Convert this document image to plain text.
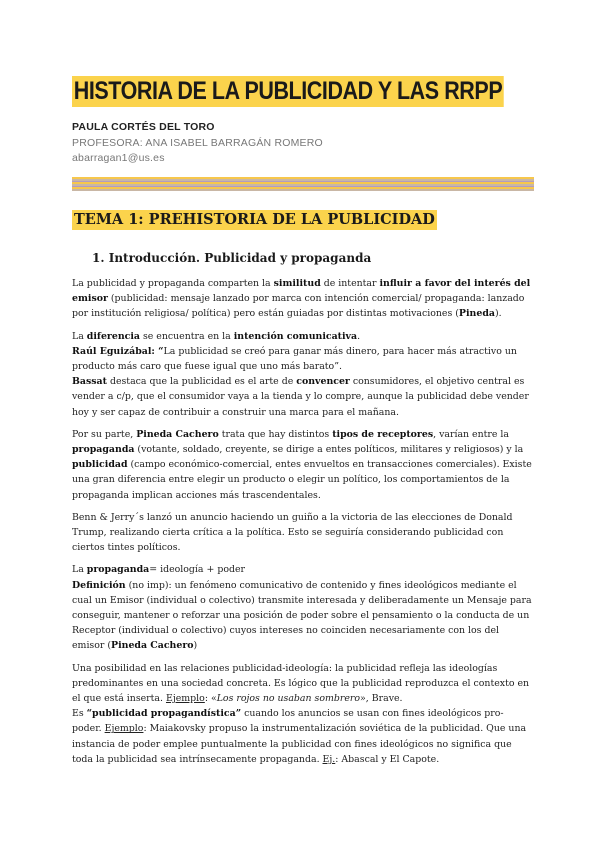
HISTORIA DE LA PUBLICIDAD Y LAS RRPP

PAULA CORTÉS DEL TORO

PROFESORA: ANA ISABEL BARRAGÁN ROMERO

abarragan1@us.es

TEMA 1: PREHISTORIA DE LA PUBLICIDAD
1. Introducción. Publicidad y propaganda

La publicidad y propaganda comparten la similitud de intentar influir a favor del interés del emisor (publicidad: mensaje lanzado por marca con intención comercial/ propaganda: lanzado por institución religiosa/ política) pero están guiadas por distintas motivaciones (Pineda).

La diferencia se encuentra en la intención comunicativa.
Raúl Eguizábal: “La publicidad se creó para ganar más dinero, para hacer más atractivo un producto más caro que fuese igual que uno más barato”.
Bassat destaca que la publicidad es el arte de convencer consumidores, el objetivo central es vender a c/p, que el consumidor vaya a la tienda y lo compre, aunque la publicidad debe vender hoy y ser capaz de contribuir a construir una marca para el mañana.

Por su parte, Pineda Cachero trata que hay distintos tipos de receptores, varían entre la propaganda (votante, soldado, creyente, se dirige a entes políticos, militares y religiosos) y la publicidad (campo económico-comercial, entes envueltos en transacciones comerciales). Existe una gran diferencia entre elegir un producto o elegir un político, los comportamientos de la propaganda implican acciones más trascendentales.

Benn & Jerry´s lanzó un anuncio haciendo un guiño a la victoria de las elecciones de Donald Trump, realizando cierta crítica a la política. Esto se seguiría considerando publicidad con ciertos tintes políticos.

La propaganda= ideología + poder
Definición (no imp): un fenómeno comunicativo de contenido y fines ideológicos mediante el cual un Emisor (individual o colectivo) transmite interesada y deliberadamente un Mensaje para conseguir, mantener o reforzar una posición de poder sobre el pensamiento o la conducta de un Receptor (individual o colectivo) cuyos intereses no coinciden necesariamente con los del emisor (Pineda Cachero)

Una posibilidad en las relaciones publicidad-ideología: la publicidad refleja las ideologías predominantes en una sociedad concreta. Es lógico que la publicidad reproduzca el contexto en el que está inserta. Ejemplo: «Los rojos no usaban sombrero», Brave.
Es “publicidad propagandística” cuando los anuncios se usan con fines ideológicos pro-poder. Ejemplo: Maiakovsky propuso la instrumentalización soviética de la publicidad. Que una instancia de poder emplee puntualmente la publicidad con fines ideológicos no significa que toda la publicidad sea intrínsecamente propaganda. Ej.: Abascal y El Capote.
